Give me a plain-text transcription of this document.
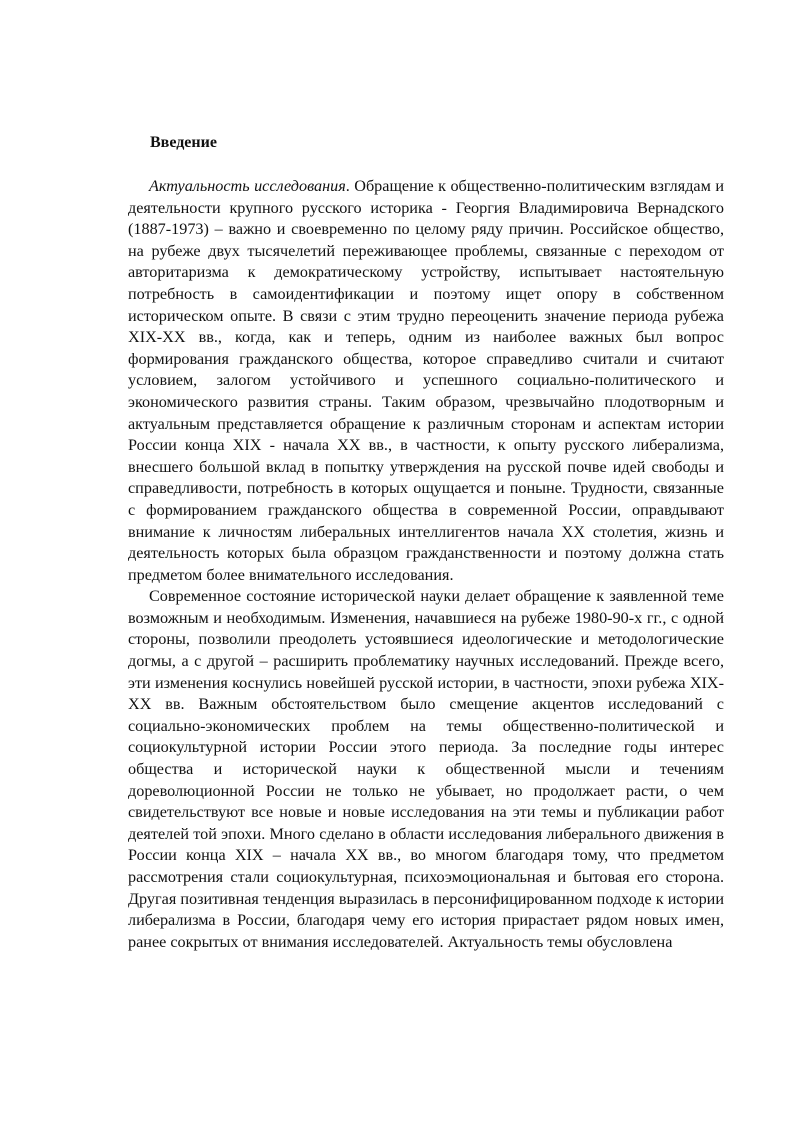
Введение

Актуальность исследования. Обращение к общественно-политическим взглядам и деятельности крупного русского историка - Георгия Владимировича Вернадского (1887-1973) – важно и своевременно по целому ряду причин. Российское общество, на рубеже двух тысячелетий переживающее проблемы, связанные с переходом от авторитаризма к демократическому устройству, испытывает настоятельную потребность в самоидентификации и поэтому ищет опору в собственном историческом опыте. В связи с этим трудно переоценить значение периода рубежа XIX-XX вв., когда, как и теперь, одним из наиболее важных был вопрос формирования гражданского общества, которое справедливо считали и считают условием, залогом устойчивого и успешного социально-политического и экономического развития страны. Таким образом, чрезвычайно плодотворным и актуальным представляется обращение к различным сторонам и аспектам истории России конца XIX - начала XX вв., в частности, к опыту русского либерализма, внесшего большой вклад в попытку утверждения на русской почве идей свободы и справедливости, потребность в которых ощущается и поныне. Трудности, связанные с формированием гражданского общества в современной России, оправдывают внимание к личностям либеральных интеллигентов начала XX столетия, жизнь и деятельность которых была образцом гражданственности и поэтому должна стать предметом более внимательного исследования.

Современное состояние исторической науки делает обращение к заявленной теме возможным и необходимым. Изменения, начавшиеся на рубеже 1980-90-х гг., с одной стороны, позволили преодолеть устоявшиеся идеологические и методологические догмы, а с другой – расширить проблематику научных исследований. Прежде всего, эти изменения коснулись новейшей русской истории, в частности, эпохи рубежа XIX-XX вв. Важным обстоятельством было смещение акцентов исследований с социально-экономических проблем на темы общественно-политической и социокультурной истории России этого периода. За последние годы интерес общества и исторической науки к общественной мысли и течениям дореволюционной России не только не убывает, но продолжает расти, о чем свидетельствуют все новые и новые исследования на эти темы и публикации работ деятелей той эпохи. Много сделано в области исследования либерального движения в России конца XIX – начала XX вв., во многом благодаря тому, что предметом рассмотрения стали социокультурная, психоэмоциональная и бытовая его сторона. Другая позитивная тенденция выразилась в персонифицированном подходе к истории либерализма в России, благодаря чему его история прирастает рядом новых имен, ранее сокрытых от внимания исследователей. Актуальность темы обусловлена
